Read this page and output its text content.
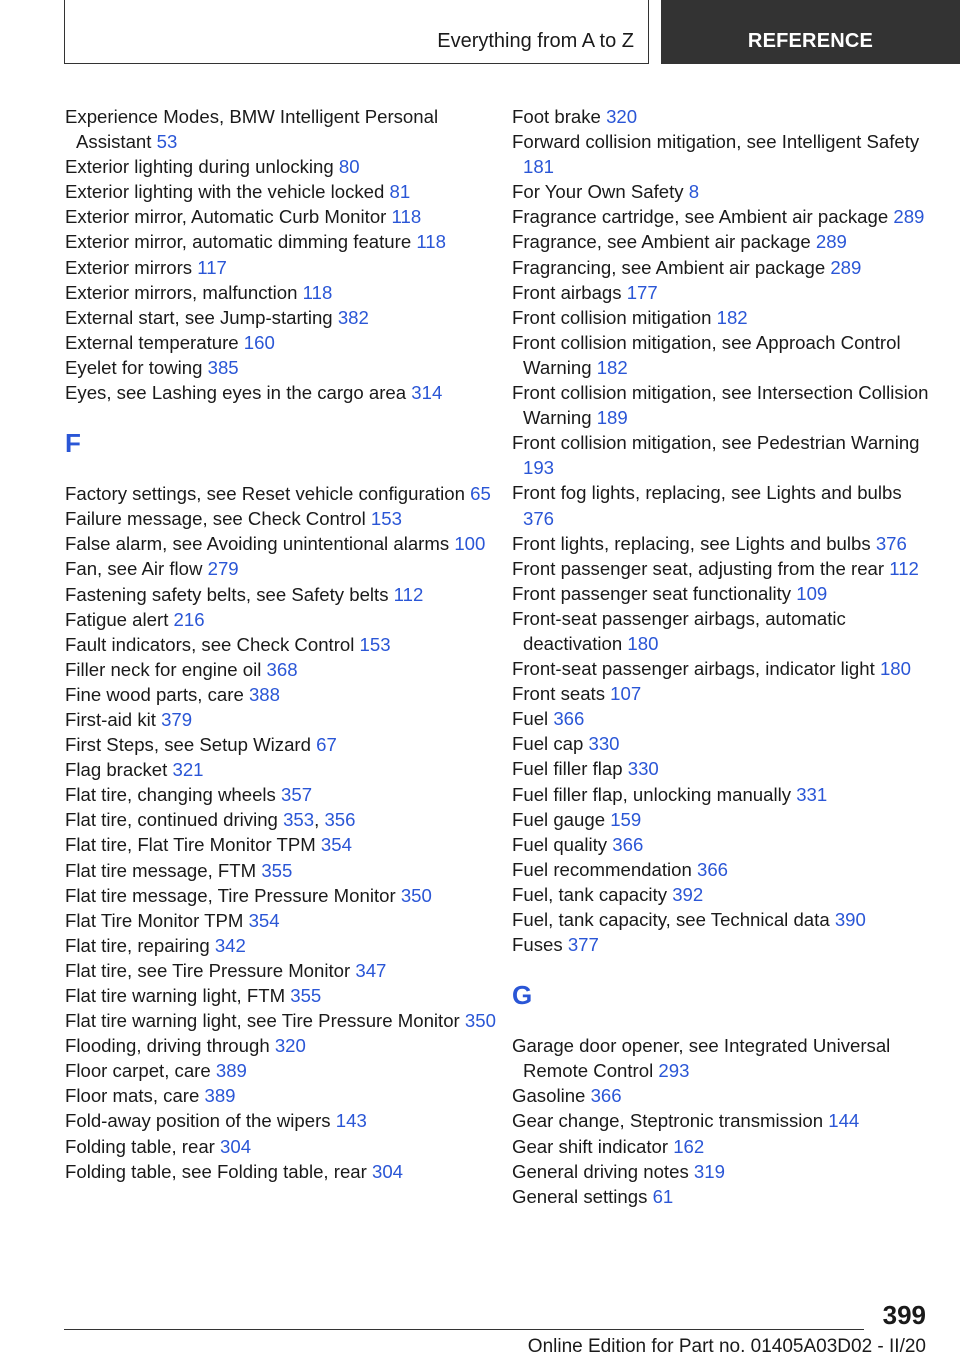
Everything from A to Z	REFERENCE
Experience Modes, BMW Intelligent Personal Assistant 53
Exterior lighting during unlocking 80
Exterior lighting with the vehicle locked 81
Exterior mirror, Automatic Curb Monitor 118
Exterior mirror, automatic dimming feature 118
Exterior mirrors 117
Exterior mirrors, malfunction 118
External start, see Jump-starting 382
External temperature 160
Eyelet for towing 385
Eyes, see Lashing eyes in the cargo area 314
F
Factory settings, see Reset vehicle configuration 65
Failure message, see Check Control 153
False alarm, see Avoiding unintentional alarms 100
Fan, see Air flow 279
Fastening safety belts, see Safety belts 112
Fatigue alert 216
Fault indicators, see Check Control 153
Filler neck for engine oil 368
Fine wood parts, care 388
First-aid kit 379
First Steps, see Setup Wizard 67
Flag bracket 321
Flat tire, changing wheels 357
Flat tire, continued driving 353, 356
Flat tire, Flat Tire Monitor TPM 354
Flat tire message, FTM 355
Flat tire message, Tire Pressure Monitor 350
Flat Tire Monitor TPM 354
Flat tire, repairing 342
Flat tire, see Tire Pressure Monitor 347
Flat tire warning light, FTM 355
Flat tire warning light, see Tire Pressure Monitor 350
Flooding, driving through 320
Floor carpet, care 389
Floor mats, care 389
Fold-away position of the wipers 143
Folding table, rear 304
Folding table, see Folding table, rear 304
Foot brake 320
Forward collision mitigation, see Intelligent Safety 181
For Your Own Safety 8
Fragrance cartridge, see Ambient air package 289
Fragrance, see Ambient air package 289
Fragrancing, see Ambient air package 289
Front airbags 177
Front collision mitigation 182
Front collision mitigation, see Approach Control Warning 182
Front collision mitigation, see Intersection Collision Warning 189
Front collision mitigation, see Pedestrian Warning 193
Front fog lights, replacing, see Lights and bulbs 376
Front lights, replacing, see Lights and bulbs 376
Front passenger seat, adjusting from the rear 112
Front passenger seat functionality 109
Front-seat passenger airbags, automatic deactivation 180
Front-seat passenger airbags, indicator light 180
Front seats 107
Fuel 366
Fuel cap 330
Fuel filler flap 330
Fuel filler flap, unlocking manually 331
Fuel gauge 159
Fuel quality 366
Fuel recommendation 366
Fuel, tank capacity 392
Fuel, tank capacity, see Technical data 390
Fuses 377
G
Garage door opener, see Integrated Universal Remote Control 293
Gasoline 366
Gear change, Steptronic transmission 144
Gear shift indicator 162
General driving notes 319
General settings 61
399
Online Edition for Part no. 01405A03D02 - II/20
